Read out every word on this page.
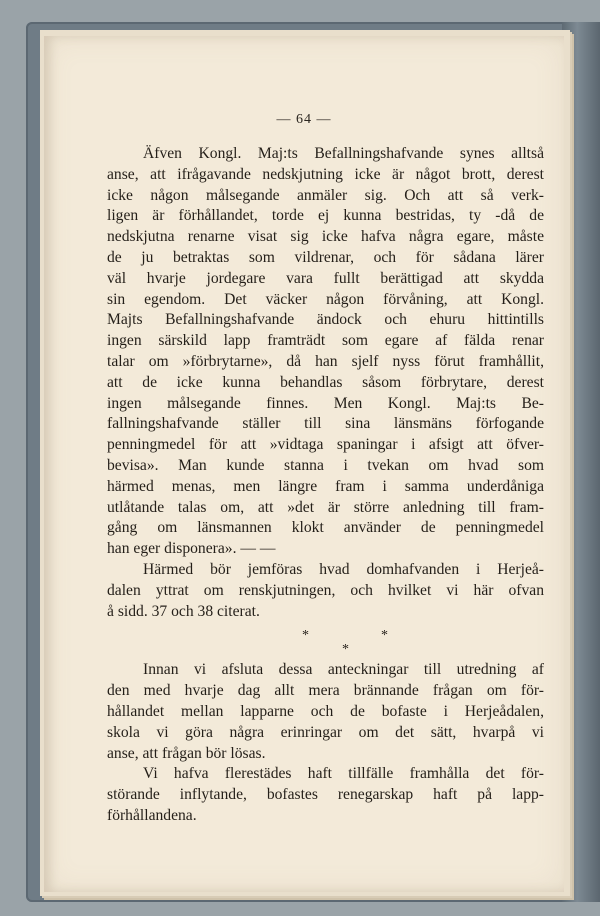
— 64 —
Äfven Kongl. Maj:ts Befallningshafvande synes alltså
anse, att ifrågavande nedskjutning icke är något brott, derest
icke någon målsegande anmäler sig. Och att så verk-
ligen är förhållandet, torde ej kunna bestridas, ty -då de
nedskjutna renarne visat sig icke hafva några egare, måste
de ju betraktas som vildrenar, och för sådana lärer
väl hvarje jordegare vara fullt berättigad att skydda
sin egendom. Det väcker någon förvåning, att Kongl.
Majts Befallningshafvande ändock och ehuru hittintills
ingen särskild lapp framträdt som egare af fälda renar
talar om »förbrytarne», då han sjelf nyss förut framhållit,
att de icke kunna behandlas såsom förbrytare, derest
ingen målsegande finnes. Men Kongl. Maj:ts Be-
fallningshafvande ställer till sina länsmäns förfogande
penningmedel för att »vidtaga spaningar i afsigt att öfver-
bevisa». Man kunde stanna i tvekan om hvad som
härmed menas, men längre fram i samma underdåniga
utlåtande talas om, att »det är större anledning till fram-
gång om länsmannen klokt använder de penningmedel
han eger disponera». — —
Härmed bör jemföras hvad domhafvanden i Herjeå-
dalen yttrat om renskjutningen, och hvilket vi här ofvan
å sidd. 37 och 38 citerat.
*	*
*
Innan vi afsluta dessa anteckningar till utredning af
den med hvarje dag allt mera brännande frågan om för-
hållandet mellan lapparne och de bofaste i Herjeådalen,
skola vi göra några erinringar om det sätt, hvarpå vi
anse, att frågan bör lösas.
Vi hafva flerestädes haft tillfälle framhålla det för-
störande inflytande, bofastes renegarskap haft på lapp-
förhållandena.
